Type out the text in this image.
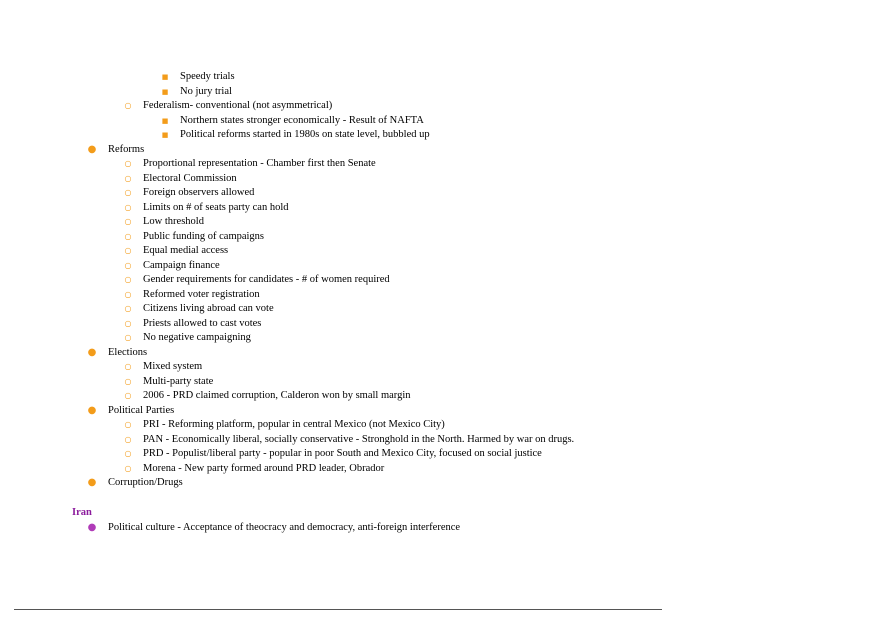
■ Speedy trials
■ No jury trial
○ Federalism- conventional (not asymmetrical)
■ Northern states stronger economically - Result of NAFTA
■ Political reforms started in 1980s on state level, bubbled up
● Reforms
○ Proportional representation - Chamber first then Senate
○ Electoral Commission
○ Foreign observers allowed
○ Limits on # of seats party can hold
○ Low threshold
○ Public funding of campaigns
○ Equal medial access
○ Campaign finance
○ Gender requirements for candidates - # of women required
○ Reformed voter registration
○ Citizens living abroad can vote
○ Priests allowed to cast votes
○ No negative campaigning
● Elections
○ Mixed system
○ Multi-party state
○ 2006 - PRD claimed corruption, Calderon won by small margin
● Political Parties
○ PRI - Reforming platform, popular in central Mexico (not Mexico City)
○ PAN - Economically liberal, socially conservative - Stronghold in the North. Harmed by war on drugs.
○ PRD - Populist/liberal party - popular in poor South and Mexico City, focused on social justice
○ Morena - New party formed around PRD leader, Obrador
● Corruption/Drugs
Iran
● Political culture - Acceptance of theocracy and democracy, anti-foreign interference
